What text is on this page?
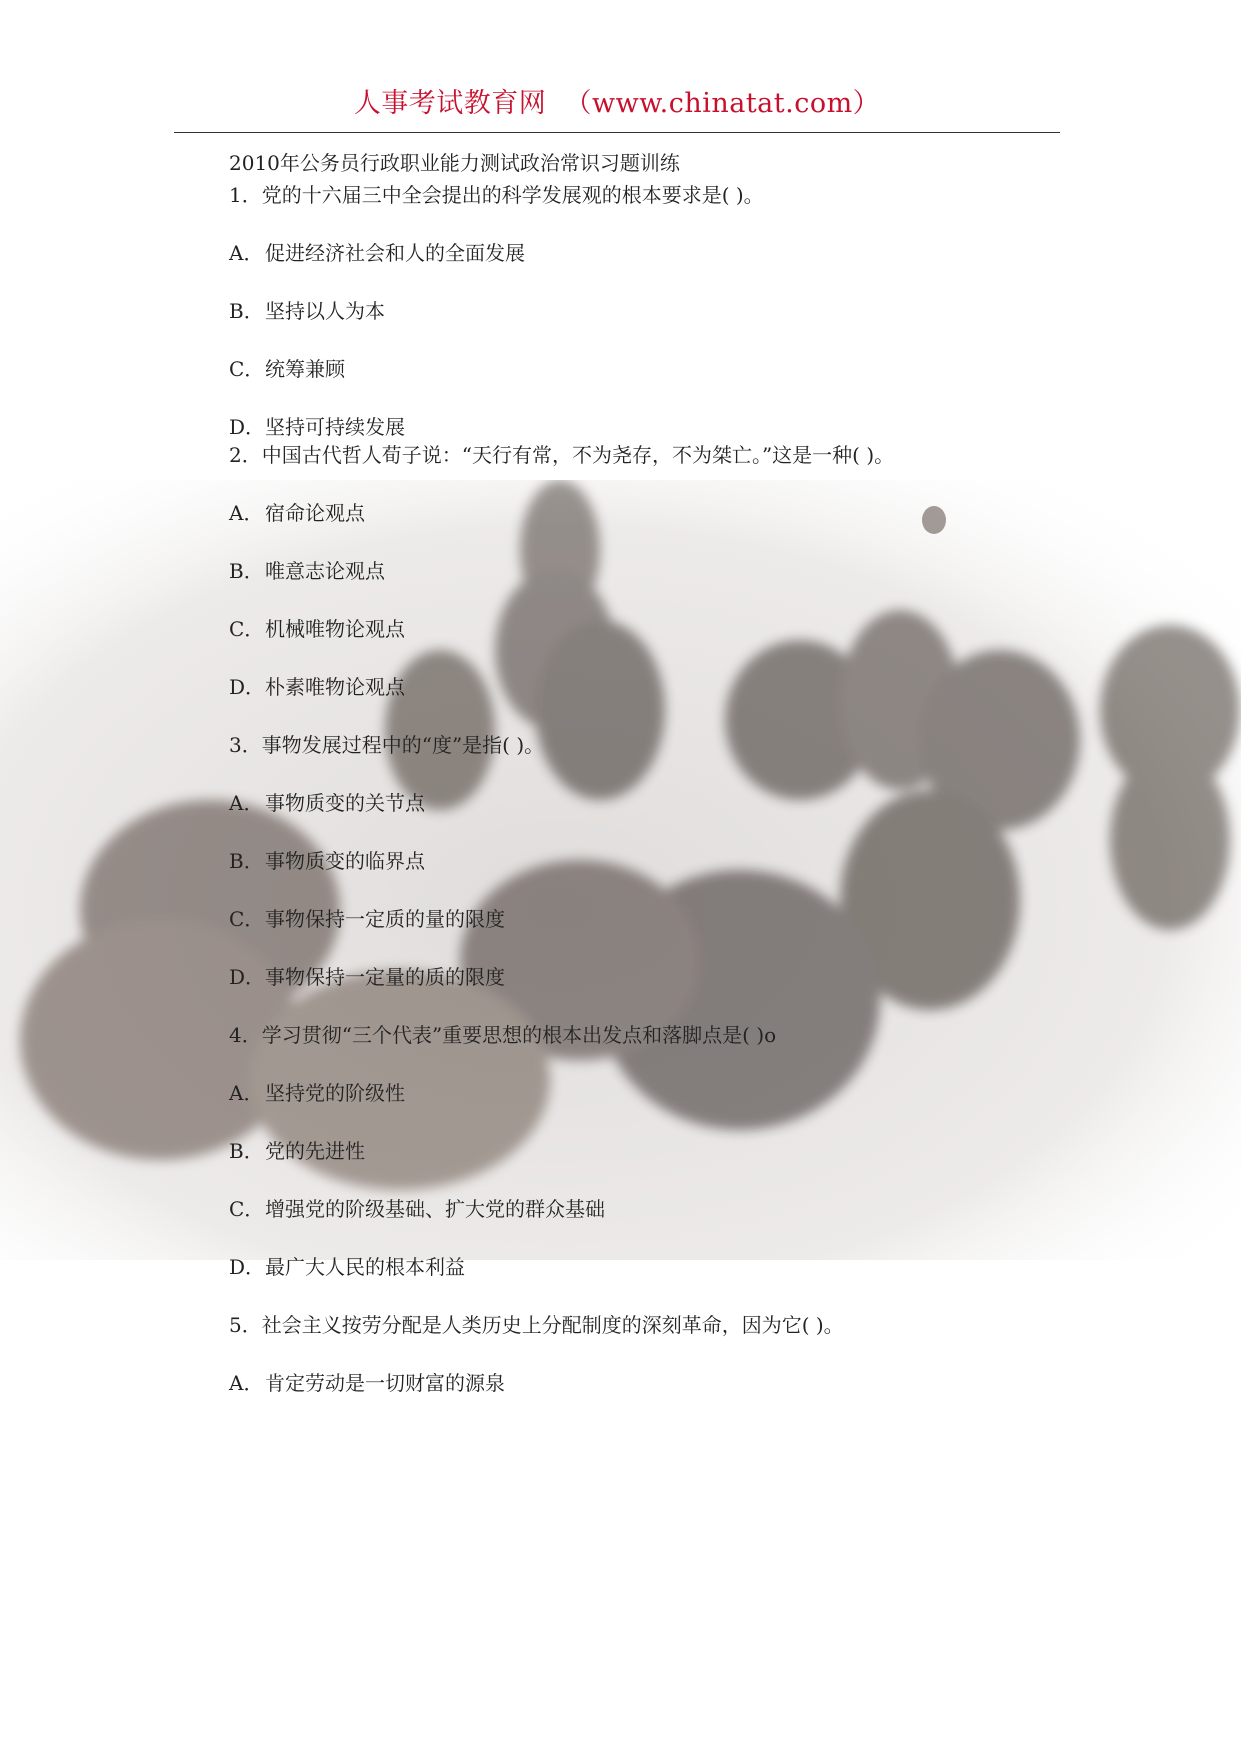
人事考试教育网 （www.chinatat.com）
2010年公务员行政职业能力测试政治常识习题训练
1．党的十六届三中全会提出的科学发展观的根本要求是( )。
A．促进经济社会和人的全面发展
B．坚持以人为本
C．统筹兼顾
D．坚持可持续发展
2．中国古代哲人荀子说：“天行有常，不为尧存，不为桀亡。”这是一种( )。
A．宿命论观点
B．唯意志论观点
C．机械唯物论观点
D．朴素唯物论观点
3．事物发展过程中的“度”是指( )。
A．事物质变的关节点
B．事物质变的临界点
C．事物保持一定质的量的限度
D．事物保持一定量的质的限度
4．学习贯彻“三个代表”重要思想的根本出发点和落脚点是( )o
A．坚持党的阶级性
B．党的先进性
C．增强党的阶级基础、扩大党的群众基础
D．最广大人民的根本利益
5．社会主义按劳分配是人类历史上分配制度的深刻革命，因为它( )。
A．肯定劳动是一切财富的源泉
